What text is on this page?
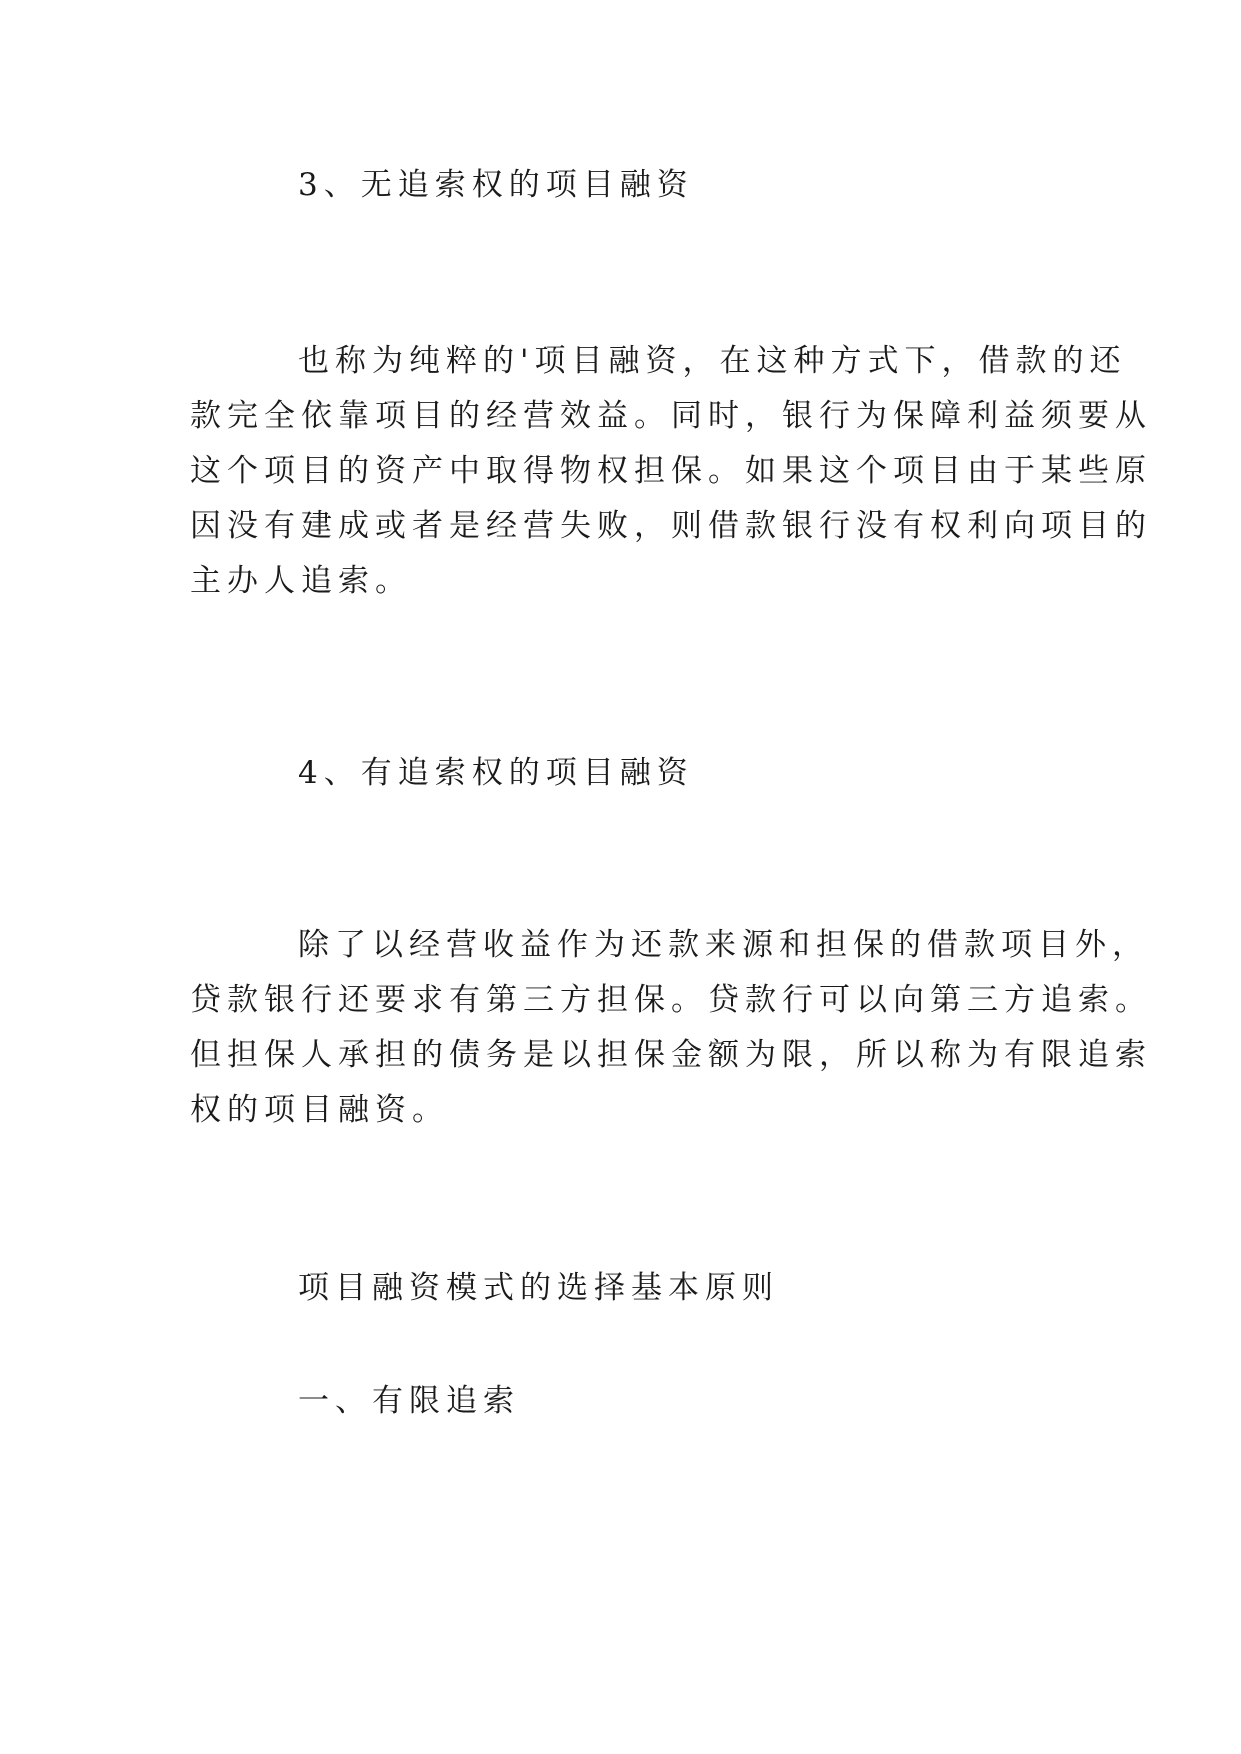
3、无追索权的项目融资
也称为纯粹的'项目融资，在这种方式下，借款的还
款完全依靠项目的经营效益。同时，银行为保障利益须要从
这个项目的资产中取得物权担保。如果这个项目由于某些原
因没有建成或者是经营失败，则借款银行没有权利向项目的
主办人追索。
4、有追索权的项目融资
除了以经营收益作为还款来源和担保的借款项目外，
贷款银行还要求有第三方担保。贷款行可以向第三方追索。
但担保人承担的债务是以担保金额为限，所以称为有限追索
权的项目融资。
项目融资模式的选择基本原则
一、有限追索
